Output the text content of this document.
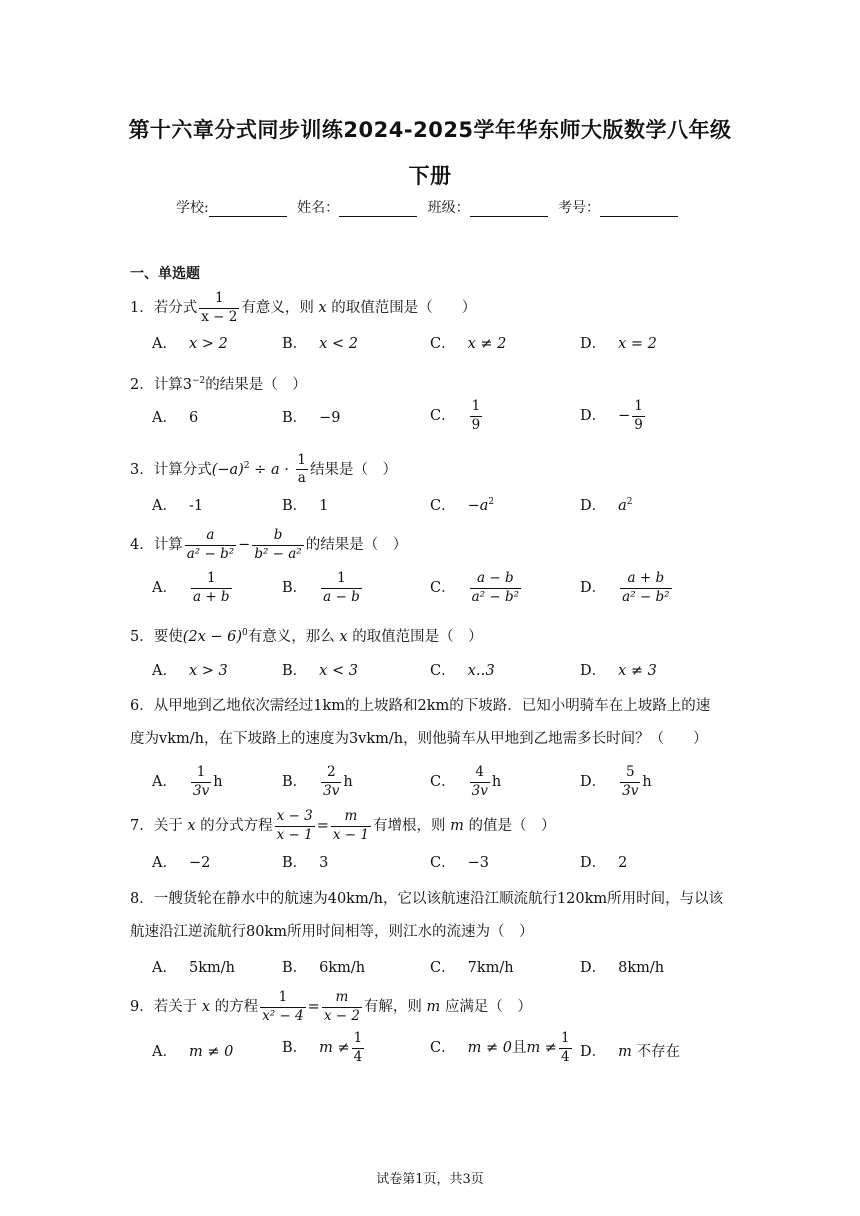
第十六章分式同步训练2024-2025学年华东师大版数学八年级
下册
学校:	姓名：	班级：	考号：
一、单选题
1．若分式 $\frac{1}{x - 2}$ 有意义，则 x 的取值范围是（　　）
A． x > 2	B． x < 2	C． x ≠ 2	D． x = 2
2．计算$3^{-2}$的结果是（　）
A． 6	B． −9	C． $\frac{1}{9}$	D． − $\frac{1}{9}$
3．计算分式$(-a)^2 \div a \cdot \frac{1}{a}$ 结果是（　）
A． -1	B． 1	C． $-a^2$	D． $a^2$
4．计算 $\frac{a}{\text{a² − b²}} - \frac{b}{\text{b² − a²}}$ 的结果是（　）
A． $\frac{1}{a + b}$	B． $\frac{1}{a - b}$	C． $\frac{a - b}{\text{a² − b²}}$	D． $\frac{a + b}{\text{a² − b²}}$
5．要使$(2x - 6)^0$有意义，那么 x 的取值范围是（　）
A． x > 3	B． x < 3	C． x‥3	D． x ≠ 3
6．从甲地到乙地依次需经过1km的上坡路和2km的下坡路．已知小明骑车在上坡路上的速
度为vkm/h，在下坡路上的速度为3vkm/h，则他骑车从甲地到乙地需多长时间？（　　）
A． $\frac{1}{3v}$ h	B． $\frac{2}{3v}$ h	C． $\frac{4}{3v}$ h	D． $\frac{5}{3v}$ h
7．关于 x 的分式方程 $\frac{x - 3}{x - 1} = \frac{m}{x - 1}$ 有增根，则 m 的值是（　）
A． −2	B． 3	C． −3	D． 2
8．一艘货轮在静水中的航速为40km/h，它以该航速沿江顺流航行120km所用时间，与以该
航速沿江逆流航行80km所用时间相等，则江水的流速为（　）
A． 5km/h	B． 6km/h	C． 7km/h	D． 8km/h
9．若关于 x 的方程 $\frac{1}{\text{x² − 4}} = \frac{m}{x - 2}$ 有解，则 m 应满足（　）
A． m ≠ 0	B． $m \ne \frac{1}{4}$	C． m ≠ 0且$m \ne \frac{1}{4}$ D． m 不存在
试卷第1页，共3页
